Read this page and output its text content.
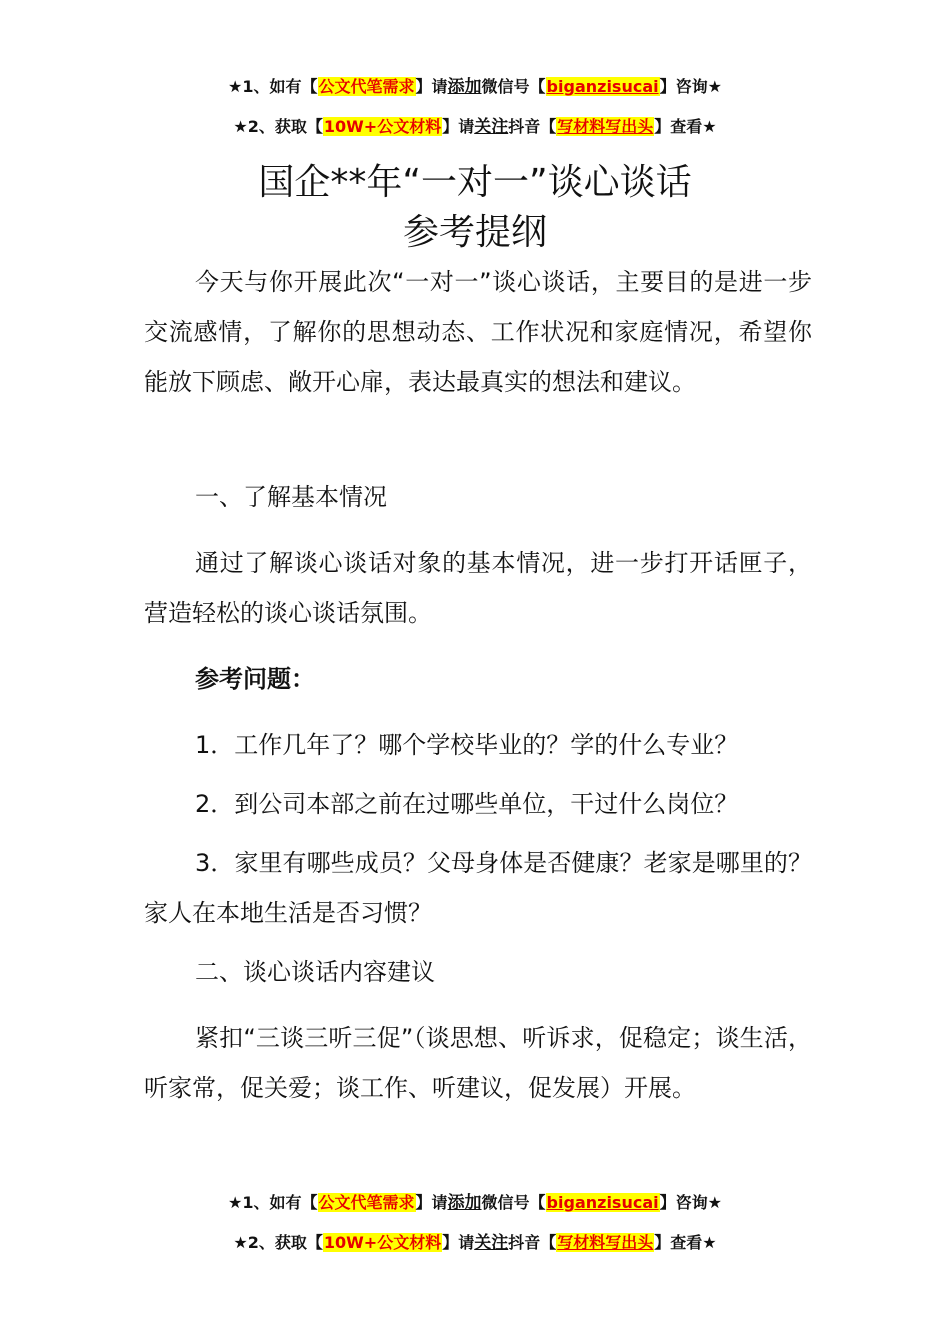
★1、如有【公文代笔需求】请添加微信号【biganzisucai】咨询★
★2、获取【10W+公文材料】请关注抖音【写材料写出头】查看★
国企**年“一对一”谈心谈话
参考提纲

今天与你开展此次“一对一”谈心谈话，主要目的是进一步交流感情，了解你的思想动态、工作状况和家庭情况，希望你能放下顾虑、敞开心扉，表达最真实的想法和建议。

一、了解基本情况

通过了解谈心谈话对象的基本情况，进一步打开话匣子，营造轻松的谈心谈话氛围。

参考问题：

1．工作几年了？哪个学校毕业的？学的什么专业？

2．到公司本部之前在过哪些单位，干过什么岗位？

3．家里有哪些成员？父母身体是否健康？老家是哪里的？家人在本地生活是否习惯？

二、谈心谈话内容建议

紧扣“三谈三听三促”（谈思想、听诉求，促稳定；谈生活，听家常，促关爱；谈工作、听建议，促发展）开展。

★1、如有【公文代笔需求】请添加微信号【biganzisucai】咨询★
★2、获取【10W+公文材料】请关注抖音【写材料写出头】查看★
